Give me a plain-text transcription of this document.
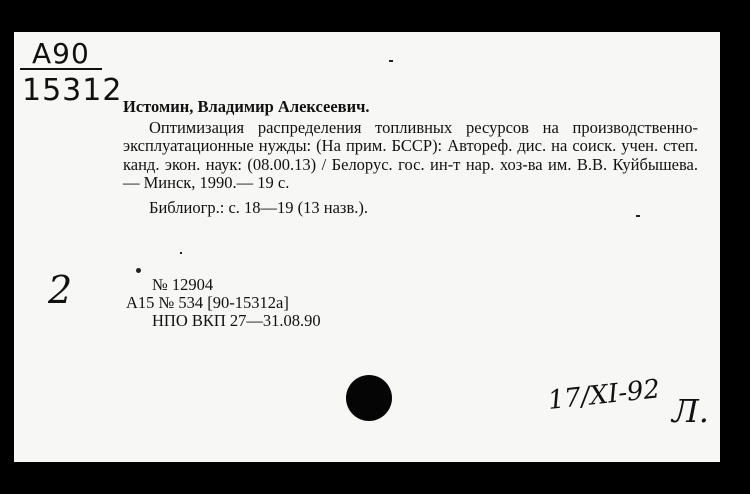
А90
15312 Истомин, Владимир Алексеевич.
Оптимизация распределения топливных ресурсов на производственно-эксплуатационные нужды: (На прим. БССР): Автореф. дис. на соиск. учен. степ. канд. экон. наук: (08.00.13) / Белорус. гос. ин-т нар. хоз-ва им. В.В. Куйбышева.— Минск, 1990.— 19 с.
Библиогр.: с. 18—19 (13 назв.).
№ 12904
А15 № 534 [90-15312а]
НПО ВКП 27—31.08.90
2
17/XI-92 Л.
